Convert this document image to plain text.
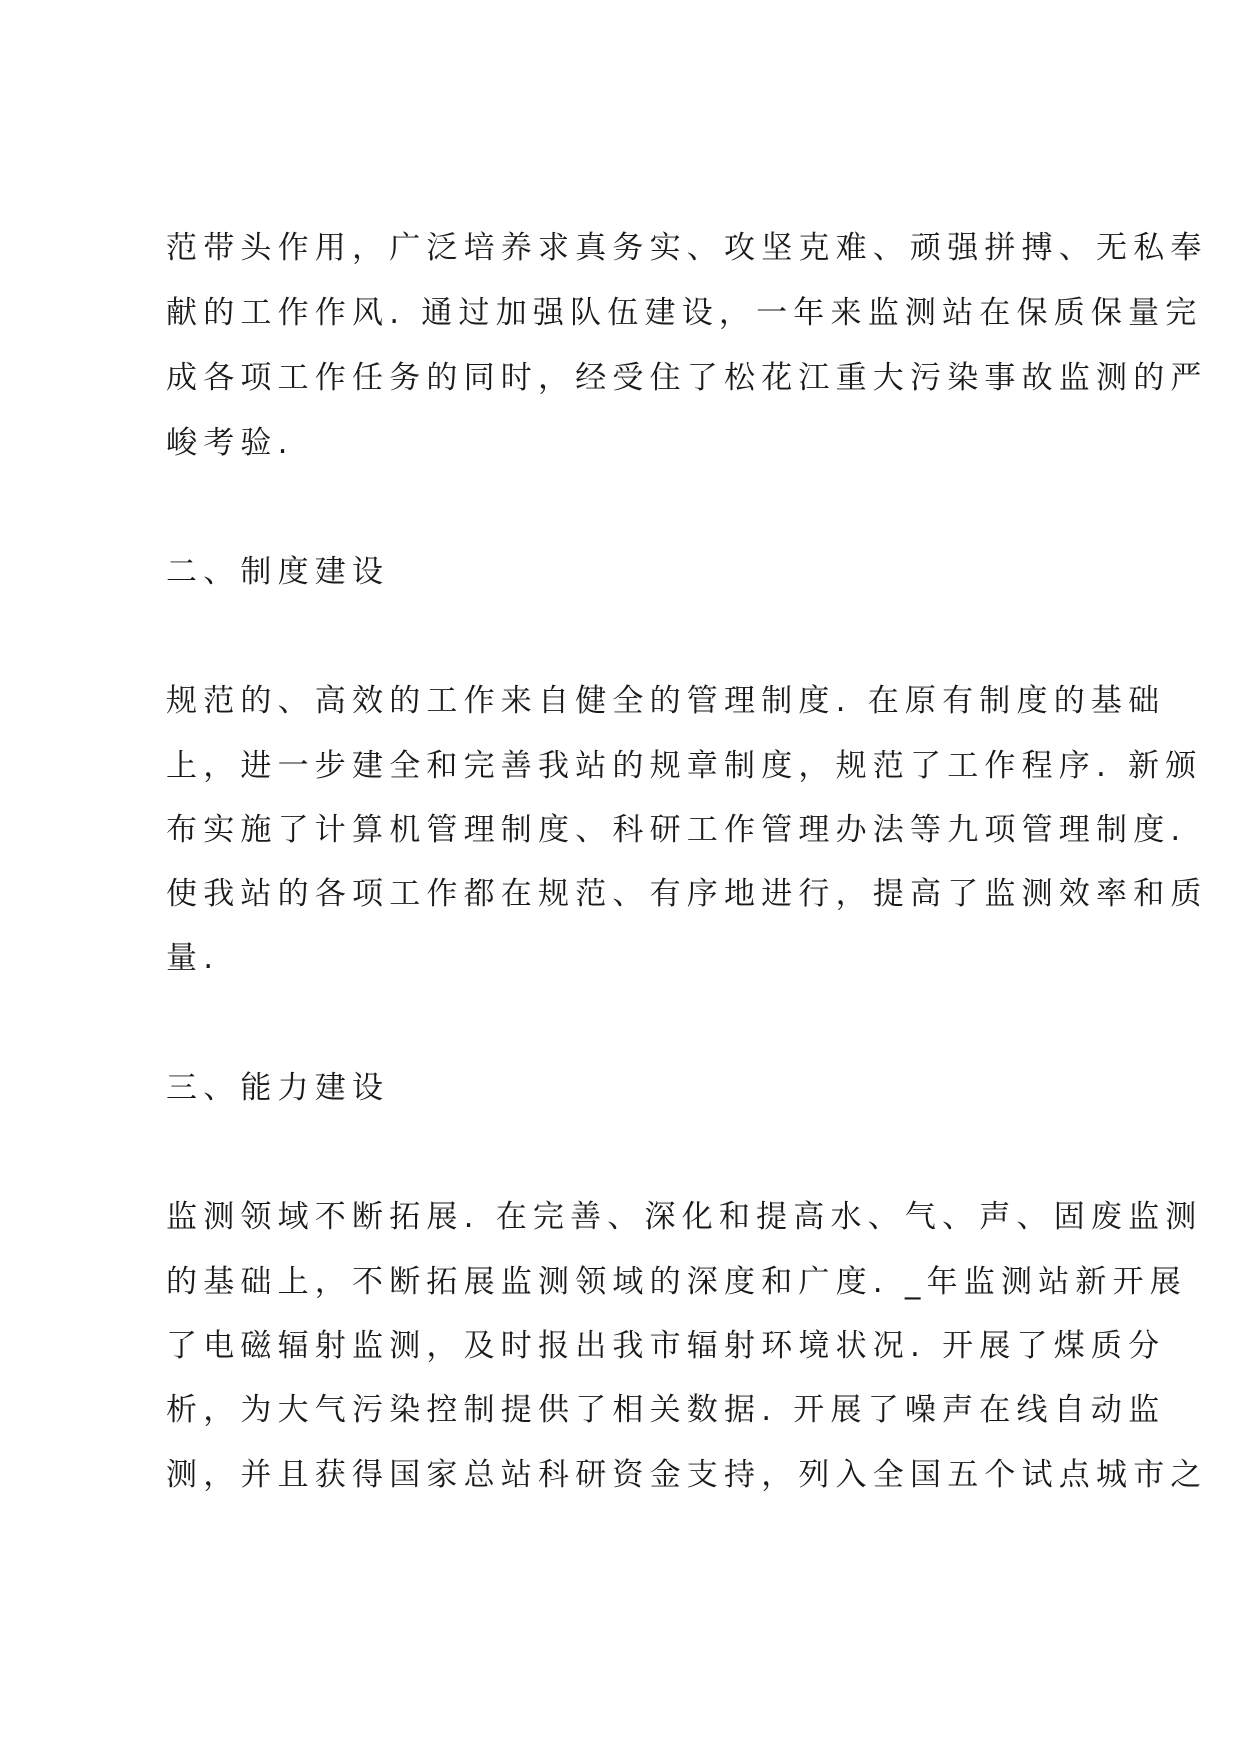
范带头作用，广泛培养求真务实、攻坚克难、顽强拼搏、无私奉
献的工作作风. 通过加强队伍建设，一年来监测站在保质保量完
成各项工作任务的同时，经受住了松花江重大污染事故监测的严
峻考验.
二、制度建设
规范的、高效的工作来自健全的管理制度. 在原有制度的基础
上，进一步建全和完善我站的规章制度，规范了工作程序. 新颁
布实施了计算机管理制度、科研工作管理办法等九项管理制度.
使我站的各项工作都在规范、有序地进行，提高了监测效率和质
量.
三、能力建设
监测领域不断拓展. 在完善、深化和提高水、气、声、固废监测
的基础上，不断拓展监测领域的深度和广度. _年监测站新开展
了电磁辐射监测，及时报出我市辐射环境状况. 开展了煤质分
析，为大气污染控制提供了相关数据. 开展了噪声在线自动监
测，并且获得国家总站科研资金支持，列入全国五个试点城市之
